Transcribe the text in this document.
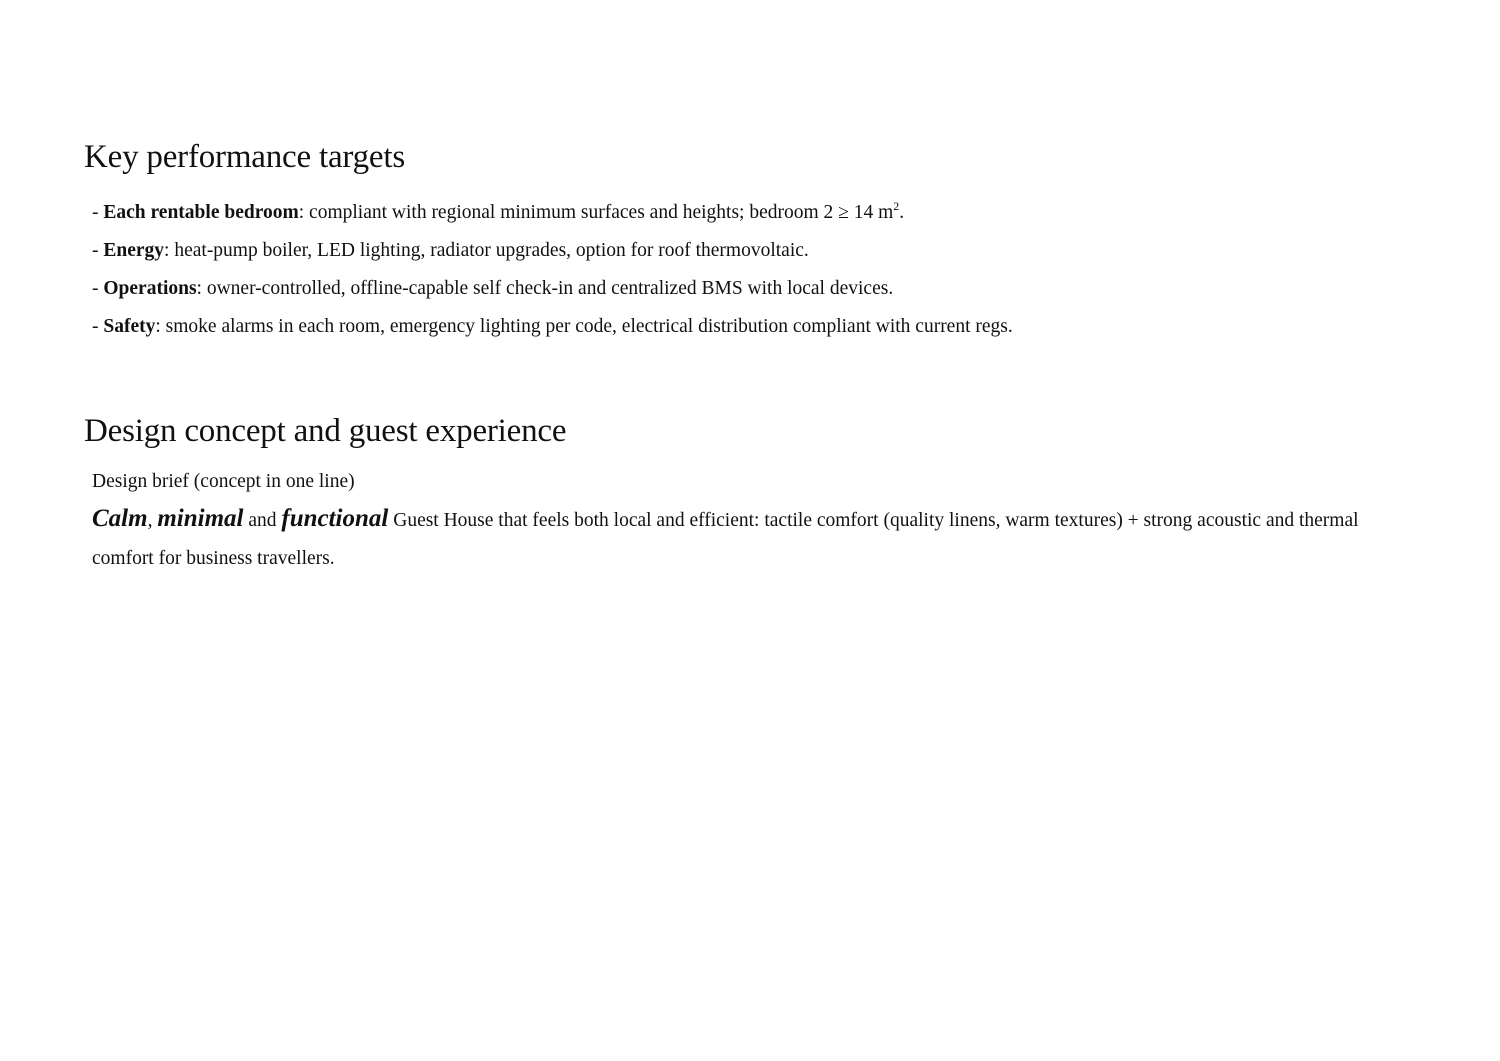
Key performance targets
- Each rentable bedroom: compliant with regional minimum surfaces and heights; bedroom 2 ≥ 14 $m^2$.
- Energy: heat-pump boiler, LED lighting, radiator upgrades, option for roof thermovoltaic.
- Operations: owner-controlled, offline-capable self check-in and centralized BMS with local devices.
- Safety: smoke alarms in each room, emergency lighting per code, electrical distribution compliant with current regs.
Design concept and guest experience

Design brief (concept in one line)

Calm, minimal and functional Guest House that feels both local and efficient: tactile comfort (quality linens, warm textures) + strong acoustic and thermal comfort for business travellers.
